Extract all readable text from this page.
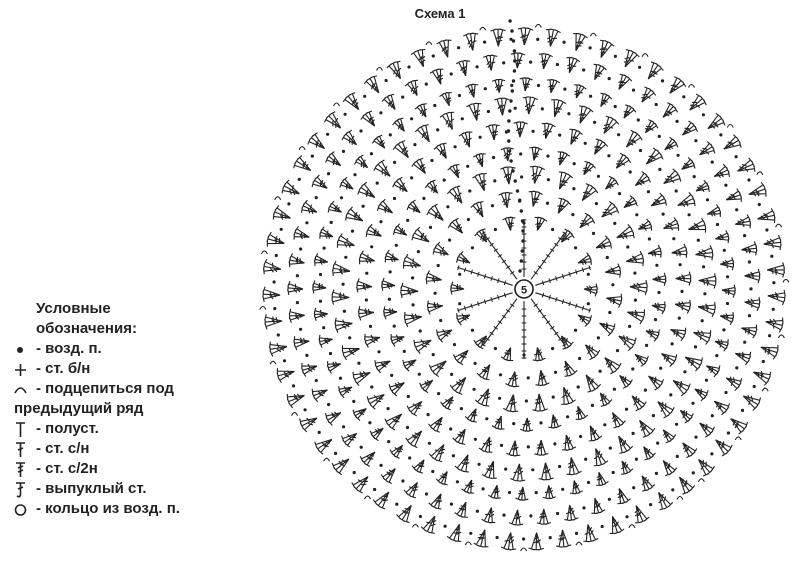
Схема 1
5
Условные
обозначения:
- возд. п.
- ст. б/н
- подцепиться под
предыдущий ряд
- полуст.
- ст. с/н
- ст. с/2н
- выпуклый ст.
- кольцо из возд. п.
